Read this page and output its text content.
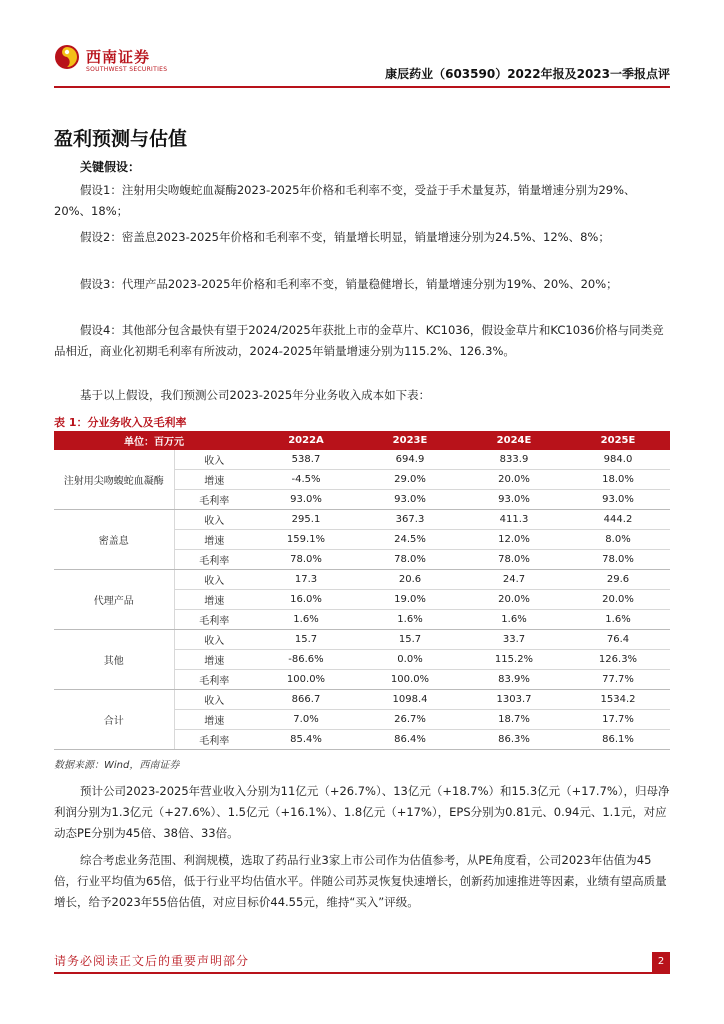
西南证券
SOUTHWEST SECURITIES	康辰药业（603590）2022年报及2023一季报点评
盈利预测与估值
关键假设：
假设1：注射用尖吻蝮蛇血凝酶2023-2025年价格和毛利率不变，受益于手术量复苏，销量增速分别为29%、20%、18%；
假设2：密盖息2023-2025年价格和毛利率不变，销量增长明显，销量增速分别为24.5%、12%、8%；
假设3：代理产品2023-2025年价格和毛利率不变，销量稳健增长，销量增速分别为19%、20%、20%；
假设4：其他部分包含最快有望于2024/2025年获批上市的金草片、KC1036，假设金草片和KC1036价格与同类竞品相近，商业化初期毛利率有所波动，2024-2025年销量增速分别为115.2%、126.3%。
基于以上假设，我们预测公司2023-2025年分业务收入成本如下表：
表 1：分业务收入及毛利率
单位：百万元		2022A	2023E	2024E	2025E
注射用尖吻蝮蛇血凝酶	收入	538.7	694.9	833.9	984.0
	增速	-4.5%	29.0%	20.0%	18.0%
	毛利率	93.0%	93.0%	93.0%	93.0%
密盖息	收入	295.1	367.3	411.3	444.2
	增速	159.1%	24.5%	12.0%	8.0%
	毛利率	78.0%	78.0%	78.0%	78.0%
代理产品	收入	17.3	20.6	24.7	29.6
	增速	16.0%	19.0%	20.0%	20.0%
	毛利率	1.6%	1.6%	1.6%	1.6%
其他	收入	15.7	15.7	33.7	76.4
	增速	-86.6%	0.0%	115.2%	126.3%
	毛利率	100.0%	100.0%	83.9%	77.7%
合计	收入	866.7	1098.4	1303.7	1534.2
	增速	7.0%	26.7%	18.7%	17.7%
	毛利率	85.4%	86.4%	86.3%	86.1%
数据来源：Wind，西南证券
预计公司2023-2025年营业收入分别为11亿元（+26.7%）、13亿元（+18.7%）和15.3亿元（+17.7%），归母净利润分别为1.3亿元（+27.6%）、1.5亿元（+16.1%）、1.8亿元（+17%），EPS分别为0.81元、0.94元、1.1元，对应动态PE分别为45倍、38倍、33倍。
综合考虑业务范围、利润规模，选取了药品行业3家上市公司作为估值参考，从PE角度看，公司2023年估值为45倍，行业平均值为65倍，低于行业平均估值水平。伴随公司苏灵恢复快速增长，创新药加速推进等因素，业绩有望高质量增长，给予2023年55倍估值，对应目标价44.55元，维持“买入”评级。
请务必阅读正文后的重要声明部分	2
